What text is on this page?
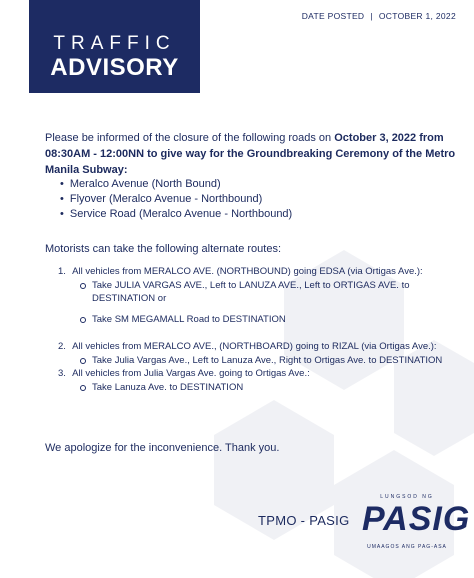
TRAFFIC
ADVISORY
DATE POSTED | OCTOBER 1, 2022
Please be informed of the closure of the following roads on October 3, 2022 from 08:30AM - 12:00NN to give way for the Groundbreaking Ceremony of the Metro Manila Subway:
• Meralco Avenue (North Bound)
• Flyover (Meralco Avenue - Northbound)
• Service Road (Meralco Avenue - Northbound)
Motorists can take the following alternate routes:
1. All vehicles from MERALCO AVE. (NORTHBOUND) going EDSA (via Ortigas Ave.):
Take JULIA VARGAS AVE., Left to LANUZA AVE., Left to ORTIGAS AVE. to DESTINATION or
Take SM MEGAMALL Road to DESTINATION
2. All vehicles from MERALCO AVE., (NORTHBOARD) going to RIZAL (via Ortigas Ave.):
Take Julia Vargas Ave., Left to Lanuza Ave., Right to Ortigas Ave. to DESTINATION
3. All vehicles from Julia Vargas Ave. going to Ortigas Ave.:
Take Lanuza Ave. to DESTINATION
We apologize for the inconvenience. Thank you.
TPMO - PASIG
LUNGSOD NG
PASIG
UMAAGOS ANG PAG-ASA
